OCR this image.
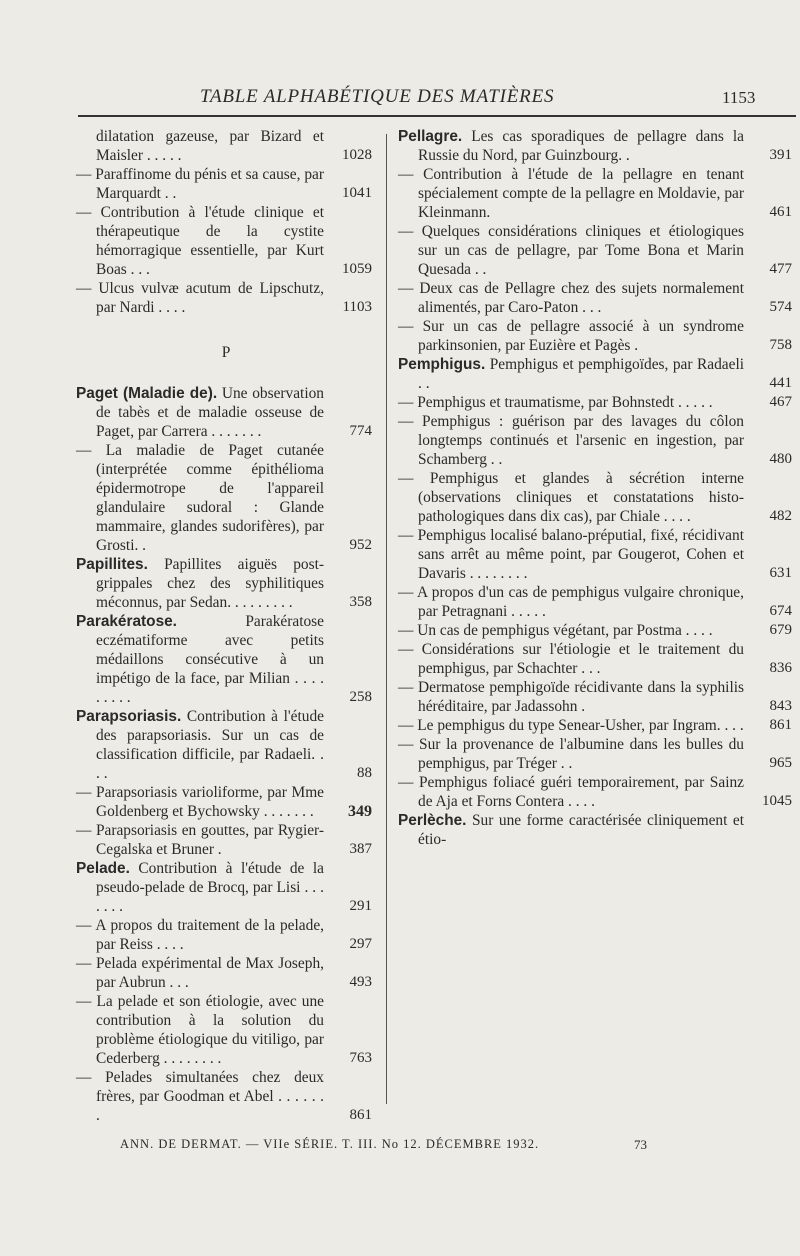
TABLE ALPHABÉTIQUE DES MATIÈRES	1153
dilatation gazeuse, par Bizard et Maisler . . . . .	1028
— Paraffinome du pénis et sa cause, par Marquardt . .	1041
— Contribution à l'étude clinique et thérapeutique de la cystite hémorragique essentielle, par Kurt Boas . . .	1059
— Ulcus vulvæ acutum de Lipschutz, par Nardi . . . .	1103
P
Paget (Maladie de). Une observation de tabès et de maladie osseuse de Paget, par Carrera . . . . . . .	774
— La maladie de Paget cutanée (interprétée comme épithélioma épidermotrope de l'appareil glandulaire sudoral : Glande mammaire, glandes sudorifères), par Grosti. .	952
Papillites. Papillites aiguës post-grippales chez des syphilitiques méconnus, par Sedan. . . . . . . . .	358
Parakératose.	Parakératose eczématiforme avec petits médaillons consécutive à un impétigo de la face, par Milian . . . . . . . . .	258
Parapsoriasis. Contribution à l'étude des parapsoriasis. Sur un cas de classification difficile, par Radaeli. . . .	88
— Parapsoriasis varioliforme, par Mme Goldenberg et Bychowsky . . . . . . .	349
— Parapsoriasis en gouttes, par Rygier-Cegalska et Bruner .	387
Pelade. Contribution à l'étude de la pseudo-pelade de Brocq, par Lisi . . . . . . .	291
— A propos du traitement de la pelade, par Reiss . . . .	297
— Pelada expérimental de Max Joseph, par Aubrun . . .	493
— La pelade et son étiologie, avec une contribution à la solution du problème étiologique du vitiligo, par Cederberg . . . . . . . .	763
— Pelades simultanées chez deux frères, par Goodman et Abel . . . . . . .	861
Pellagre. Les cas sporadiques de pellagre dans la Russie du Nord, par Guinzbourg. .	391
— Contribution à l'étude de la pellagre en tenant spécialement compte de la pellagre en Moldavie, par Kleinmann.	461
— Quelques considérations cliniques et étiologiques sur un cas de pellagre, par Tome Bona et Marin Quesada . .	477
— Deux cas de Pellagre chez des sujets normalement alimentés, par Caro-Paton . . .	574
— Sur un cas de pellagre associé à un syndrome parkinsonien, par Euzière et Pagès .	758
Pemphigus. Pemphigus et pemphigoïdes, par Radaeli . .	441
— Pemphigus et traumatisme, par Bohnstedt . . . . .	467
— Pemphigus : guérison par des lavages du côlon longtemps continués et l'arsenic en ingestion, par Schamberg . .	480
— Pemphigus et glandes à sécrétion interne (observations cliniques et constatations histo-pathologiques dans dix cas), par Chiale . . . .	482
— Pemphigus localisé balano-préputial, fixé, récidivant sans arrêt au même point, par Gougerot, Cohen et Davaris . . . . . . . .	631
— A propos d'un cas de pemphigus vulgaire chronique, par Petragnani . . . . .	674
— Un cas de pemphigus végétant, par Postma . . . .	679
— Considérations sur l'étiologie et le traitement du pemphigus, par Schachter . . .	836
— Dermatose pemphigoïde récidivante dans la syphilis héréditaire, par Jadassohn .	843
— Le pemphigus du type Senear-Usher, par Ingram. . . . 861
— Sur la provenance de l'albumine dans les bulles du pemphigus, par Tréger . .	965
— Pemphigus foliacé guéri temporairement, par Sainz de Aja et Forns Contera . . . .	1045
Perlèche. Sur une forme caractérisée cliniquement et étio-
ANN. DE DERMAT. — VIIe SÉRIE. T. III. No 12. DÉCEMBRE 1932.	73
